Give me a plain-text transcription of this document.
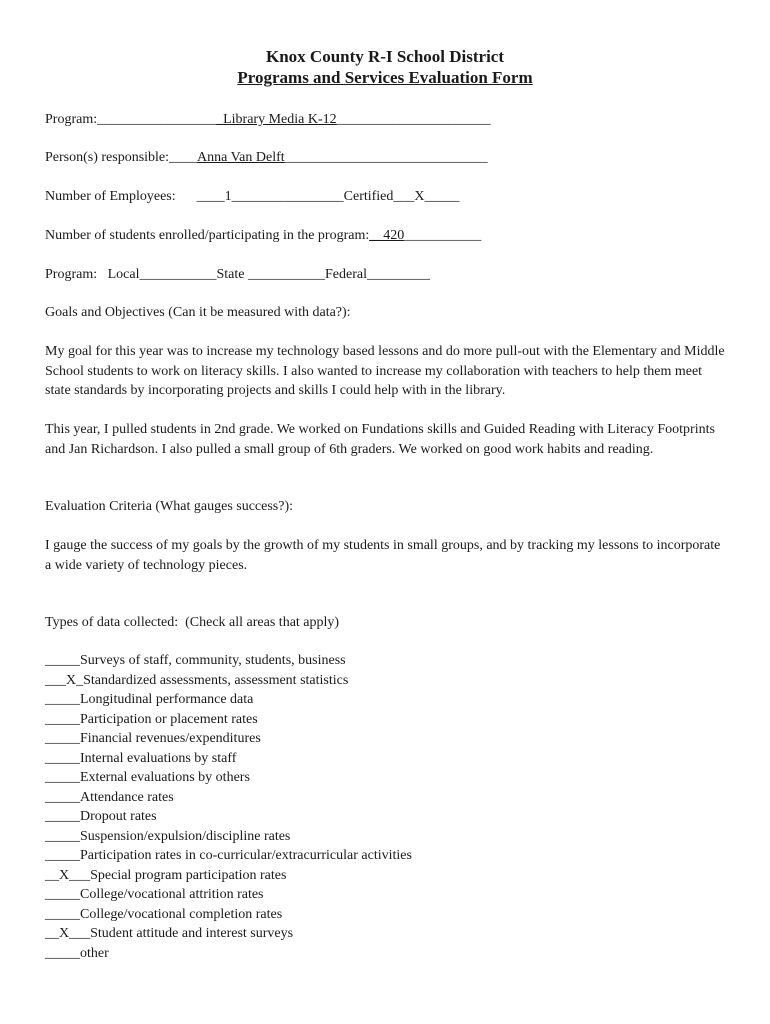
Knox County R-I School District
Programs and Services Evaluation Form
Program:__________________Library Media K-12______________________
Person(s) responsible:____Anna Van Delft_____________________________
Number of Employees: ____1________________Certified___X_____
Number of students enrolled/participating in the program:__420___________
Program: Local___________State ___________Federal_________
Goals and Objectives (Can it be measured with data?):
My goal for this year was to increase my technology based lessons and do more pull-out with the Elementary and Middle School students to work on literacy skills. I also wanted to increase my collaboration with teachers to help them meet state standards by incorporating projects and skills I could help with in the library.
This year, I pulled students in 2nd grade. We worked on Fundations skills and Guided Reading with Literacy Footprints and Jan Richardson. I also pulled a small group of 6th graders. We worked on good work habits and reading.
Evaluation Criteria (What gauges success?):
I gauge the success of my goals by the growth of my students in small groups, and by tracking my lessons to incorporate a wide variety of technology pieces.
Types of data collected:  (Check all areas that apply)
_____Surveys of staff, community, students, business
___X_Standardized assessments, assessment statistics
_____Longitudinal performance data
_____Participation or placement rates
_____Financial revenues/expenditures
_____Internal evaluations by staff
_____External evaluations by others
_____Attendance rates
_____Dropout rates
_____Suspension/expulsion/discipline rates
_____Participation rates in co-curricular/extracurricular activities
__X___Special program participation rates
_____College/vocational attrition rates
_____College/vocational completion rates
__X___Student attitude and interest surveys
_____other
